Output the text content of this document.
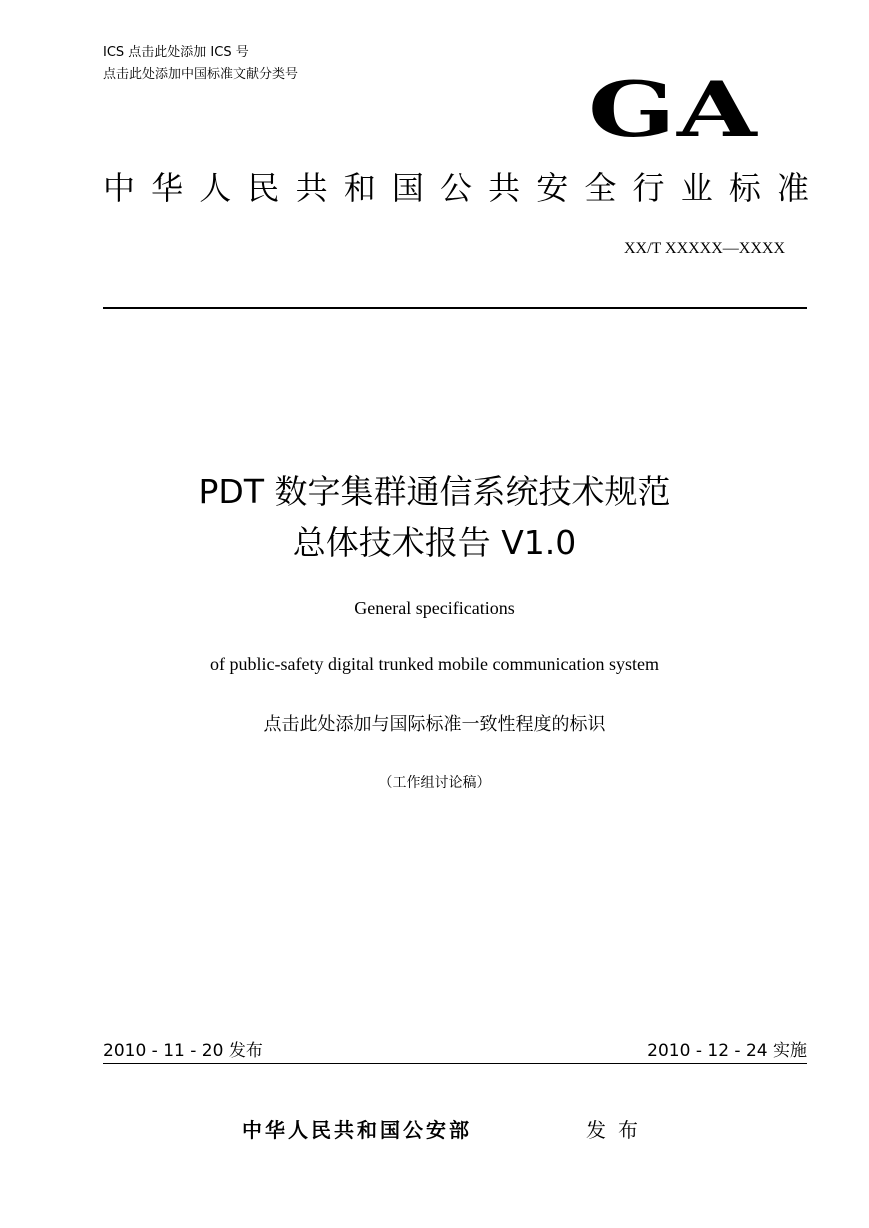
ICS 点击此处添加 ICS 号
点击此处添加中国标准文献分类号	GA
中华人民共和国公共安全行业标准
XX/T XXXXX—XXXX
PDT 数字集群通信系统技术规范
总体技术报告 V1.0
General specifications
of public-safety digital trunked mobile communication system
点击此处添加与国际标准一致性程度的标识
（工作组讨论稿）
2010 - 11 - 20 发布	2010 - 12 - 24 实施
中华人民共和国公安部	发布
